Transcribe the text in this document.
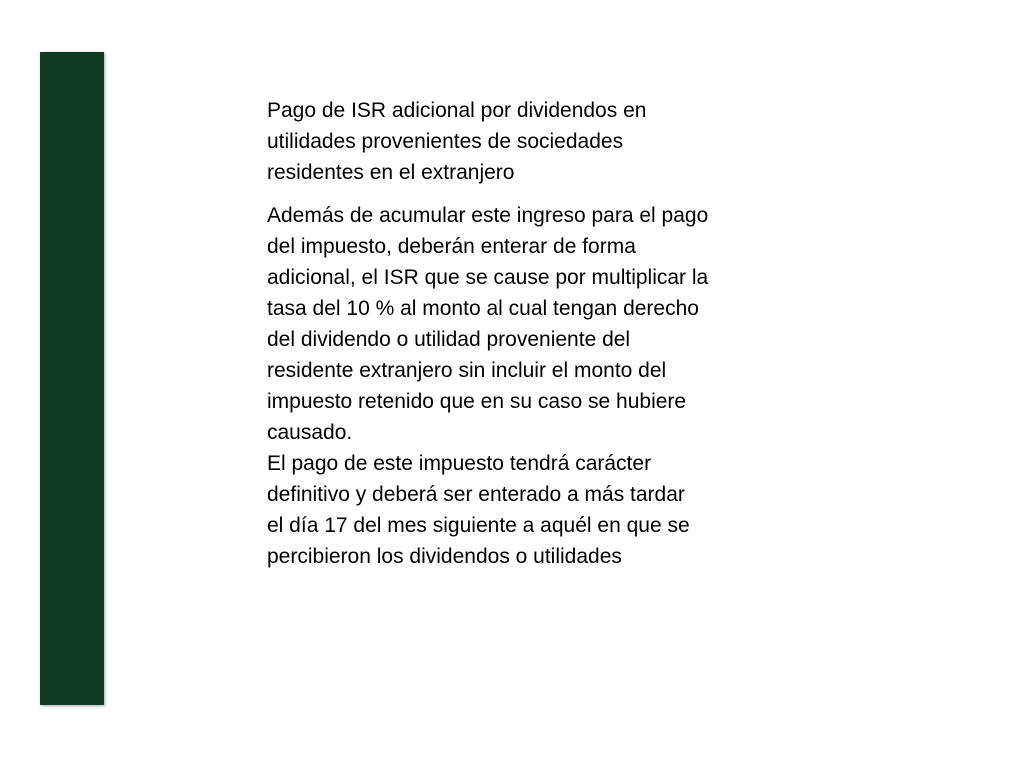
Pago de ISR adicional por dividendos en
utilidades provenientes de sociedades
residentes en el extranjero

Además de acumular este ingreso para el pago
del impuesto, deberán enterar de forma
adicional, el ISR que se cause por multiplicar la
tasa del 10 % al monto al cual tengan derecho
del dividendo o utilidad proveniente del
residente extranjero sin incluir el monto del
impuesto retenido que en su caso se hubiere
causado.

El pago de este impuesto tendrá carácter
definitivo y deberá ser enterado a más tardar
el día 17 del mes siguiente a aquél en que se
percibieron los dividendos o utilidades
